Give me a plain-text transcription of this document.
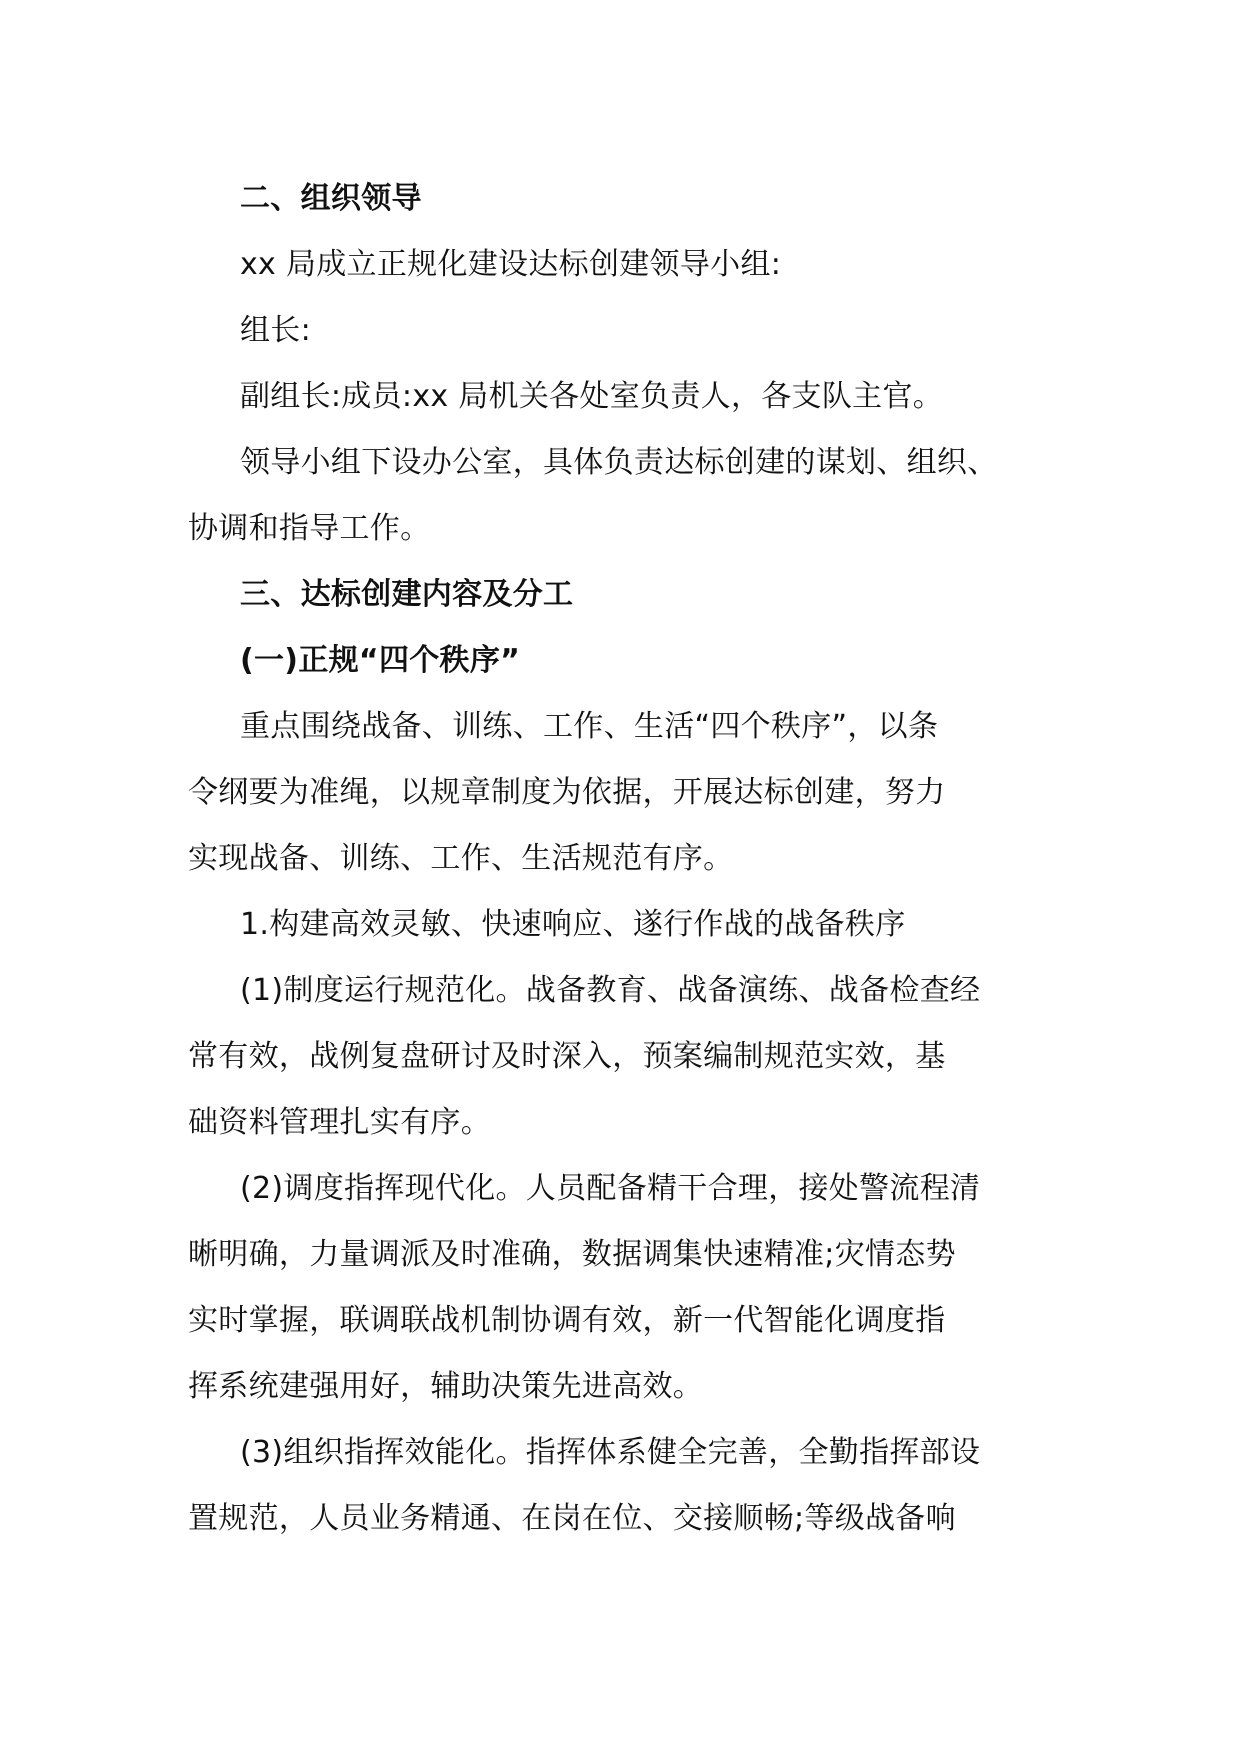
二、组织领导
xx 局成立正规化建设达标创建领导小组:
组长:
副组长:成员:xx 局机关各处室负责人，各支队主官。
领导小组下设办公室，具体负责达标创建的谋划、组织、
协调和指导工作。
三、达标创建内容及分工
(一)正规“四个秩序”
重点围绕战备、训练、工作、生活“四个秩序”，以条
令纲要为准绳，以规章制度为依据，开展达标创建，努力
实现战备、训练、工作、生活规范有序。
1.构建高效灵敏、快速响应、遂行作战的战备秩序
(1)制度运行规范化。战备教育、战备演练、战备检查经
常有效，战例复盘研讨及时深入，预案编制规范实效，基
础资料管理扎实有序。
(2)调度指挥现代化。人员配备精干合理，接处警流程清
晰明确，力量调派及时准确，数据调集快速精准;灾情态势
实时掌握，联调联战机制协调有效，新一代智能化调度指
挥系统建强用好，辅助决策先进高效。
(3)组织指挥效能化。指挥体系健全完善，全勤指挥部设
置规范，人员业务精通、在岗在位、交接顺畅;等级战备响
